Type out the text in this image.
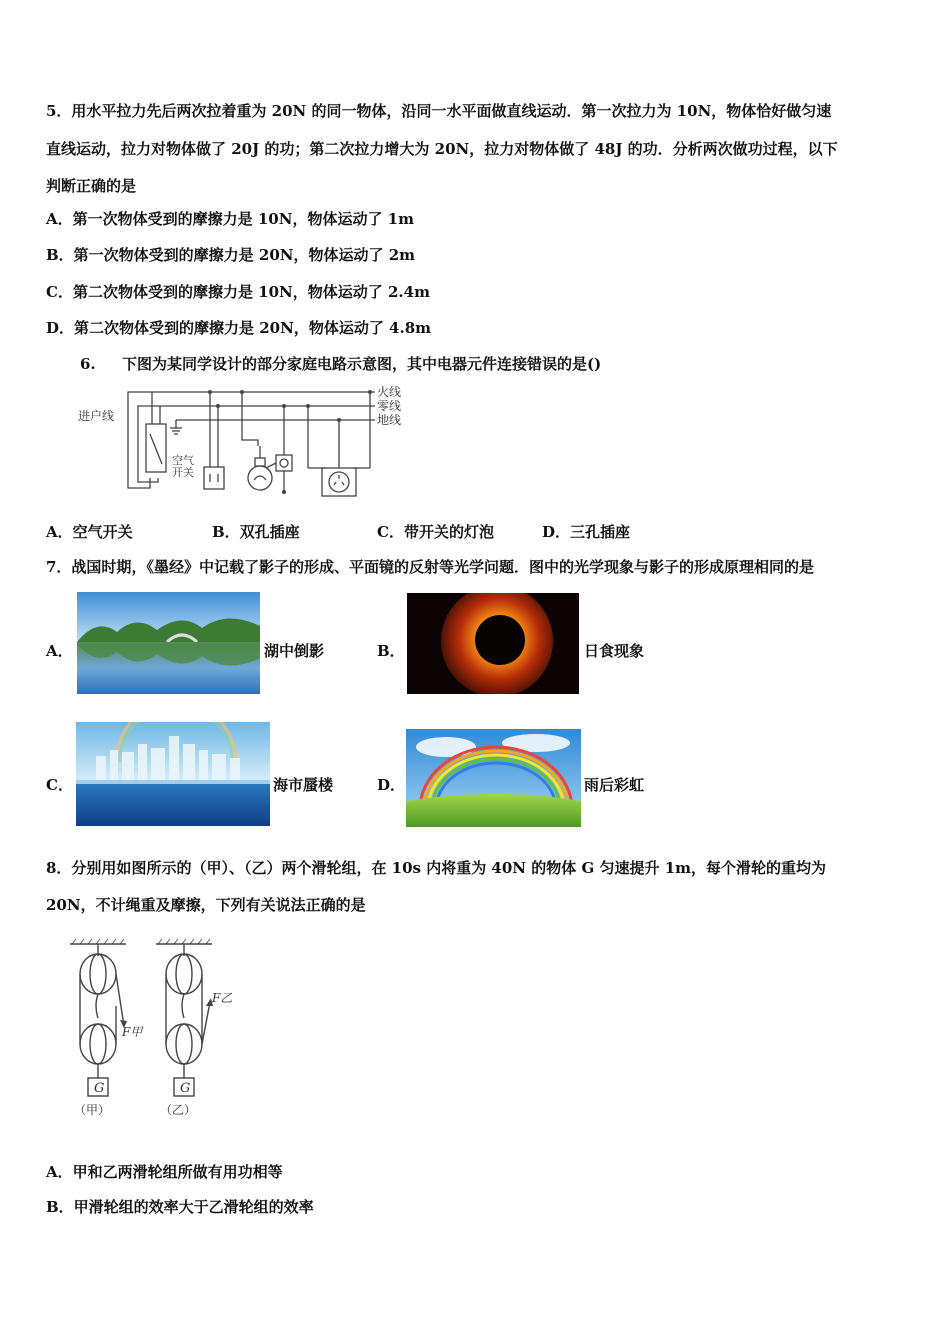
5．用水平拉力先后两次拉着重为 20N 的同一物体，沿同一水平面做直线运动．第一次拉力为 10N，物体恰好做匀速
直线运动，拉力对物体做了 20J 的功；第二次拉力增大为 20N，拉力对物体做了 48J 的功．分析两次做功过程，以下
判断正确的是
A．第一次物体受到的摩擦力是 10N，物体运动了 1m
B．第一次物体受到的摩擦力是 20N，物体运动了 2m
C．第二次物体受到的摩擦力是 10N，物体运动了 2.4m
D．第二次物体受到的摩擦力是 20N，物体运动了 4.8m
6. 下图为某同学设计的部分家庭电路示意图，其中电器元件连接错误的是()
进户线
火线
零线
地线
空气
开关
A．空气开关	B．双孔插座	C．带开关的灯泡	D．三孔插座
7．战国时期，《墨经》中记载了影子的形成、平面镜的反射等光学问题．图中的光学现象与影子的形成原理相同的是
A．	湖中倒影	B．	日食现象
C．	海市蜃楼	D．	雨后彩虹
8．分别用如图所示的（甲）、（乙）两个滑轮组，在 10s 内将重为 40N 的物体 G 匀速提升 1m，每个滑轮的重均为
20N，不计绳重及摩擦，下列有关说法正确的是
G	G
F甲
F乙
（甲）	（乙）
A．甲和乙两滑轮组所做有用功相等
B．甲滑轮组的效率大于乙滑轮组的效率
